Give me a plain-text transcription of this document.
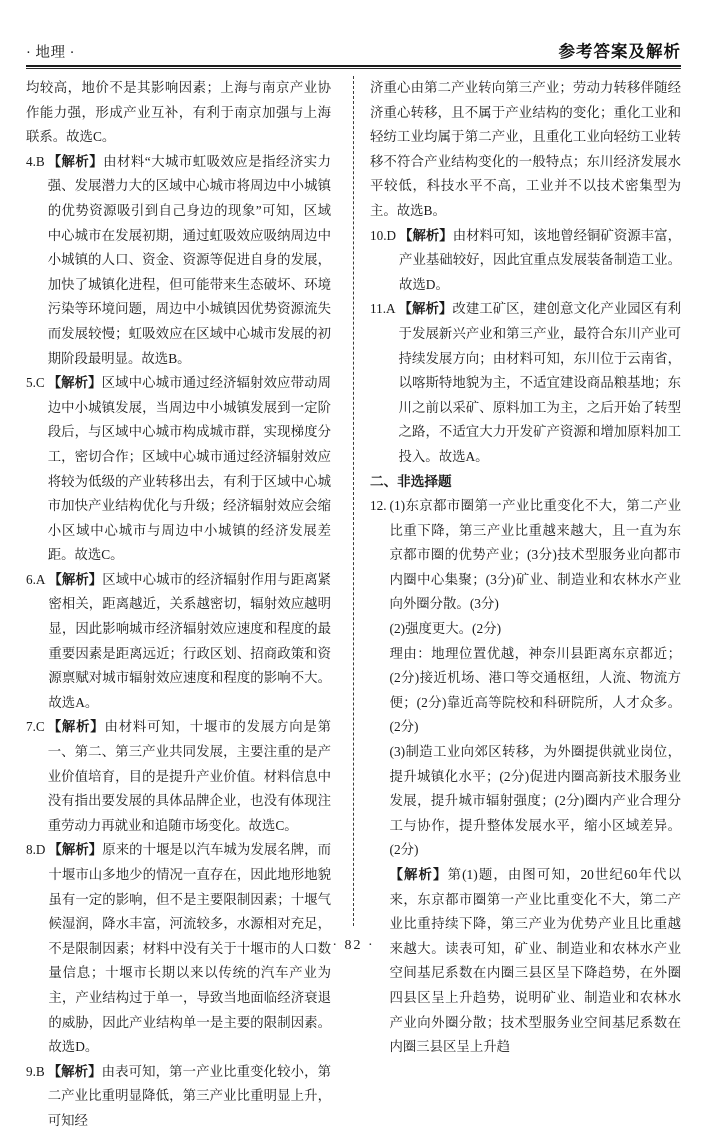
· 地理 ·	参考答案及解析

均较高，地价不是其影响因素；上海与南京产业协作能力强，形成产业互补，有利于南京加强与上海联系。故选C。

4.B 【解析】由材料“大城市虹吸效应是指经济实力强、发展潜力大的区域中心城市将周边中小城镇的优势资源吸引到自己身边的现象”可知，区域中心城市在发展初期，通过虹吸效应吸纳周边中小城镇的人口、资金、资源等促进自身的发展，加快了城镇化进程，但可能带来生态破坏、环境污染等环境问题，周边中小城镇因优势资源流失而发展较慢；虹吸效应在区域中心城市发展的初期阶段最明显。故选B。
5.C 【解析】区域中心城市通过经济辐射效应带动周边中小城镇发展，当周边中小城镇发展到一定阶段后，与区域中心城市构成城市群，实现梯度分工，密切合作；区域中心城市通过经济辐射效应将较为低级的产业转移出去，有利于区域中心城市加快产业结构优化与升级；经济辐射效应会缩小区域中心城市与周边中小城镇的经济发展差距。故选C。
6.A 【解析】区域中心城市的经济辐射作用与距离紧密相关，距离越近，关系越密切，辐射效应越明显，因此影响城市经济辐射效应速度和程度的最重要因素是距离远近；行政区划、招商政策和资源禀赋对城市辐射效应速度和程度的影响不大。故选A。
7.C 【解析】由材料可知，十堰市的发展方向是第一、第二、第三产业共同发展，主要注重的是产业价值培育，目的是提升产业价值。材料信息中没有指出要发展的具体品牌企业，也没有体现注重劳动力再就业和追随市场变化。故选C。
8.D 【解析】原来的十堰是以汽车城为发展名牌，而十堰市山多地少的情况一直存在，因此地形地貌虽有一定的影响，但不是主要限制因素；十堰气候湿润，降水丰富，河流较多，水源相对充足，不是限制因素；材料中没有关于十堰市的人口数量信息；十堰市长期以来以传统的汽车产业为主，产业结构过于单一，导致当地面临经济衰退的威胁，因此产业结构单一是主要的限制因素。故选D。
9.B 【解析】由表可知，第一产业比重变化较小，第二产业比重明显降低，第三产业比重明显上升，可知经

济重心由第二产业转向第三产业；劳动力转移伴随经济重心转移，且不属于产业结构的变化；重化工业和轻纺工业均属于第二产业，且重化工业向轻纺工业转移不符合产业结构变化的一般特点；东川经济发展水平较低，科技水平不高，工业并不以技术密集型为主。故选B。

10.D 【解析】由材料可知，该地曾经铜矿资源丰富，产业基础较好，因此宜重点发展装备制造工业。故选D。
11.A 【解析】改建工矿区，建创意文化产业园区有利于发展新兴产业和第三产业，最符合东川产业可持续发展方向；由材料可知，东川位于云南省，以喀斯特地貌为主，不适宜建设商品粮基地；东川之前以采矿、原料加工为主，之后开始了转型之路，不适宜大力开发矿产资源和增加原料加工投入。故选A。

二、非选择题

12. (1)东京都市圈第一产业比重变化不大，第二产业比重下降，第三产业比重越来越大，且一直为东京都市圈的优势产业；(3分)技术型服务业向都市内圈中心集聚；(3分)矿业、制造业和农林水产业向外圈分散。(3分)
(2)强度更大。(2分)
理由：地理位置优越，神奈川县距离东京都近；(2分)接近机场、港口等交通枢纽，人流、物流方便；(2分)靠近高等院校和科研院所，人才众多。(2分)
(3)制造工业向郊区转移，为外圈提供就业岗位，提升城镇化水平；(2分)促进内圈高新技术服务业发展，提升城市辐射强度；(2分)圈内产业合理分工与协作，提升整体发展水平，缩小区域差异。(2分)
【解析】第(1)题，由图可知，20世纪60年代以来，东京都市圈第一产业比重变化不大，第二产业比重持续下降，第三产业为优势产业且比重越来越大。读表可知，矿业、制造业和农林水产业空间基尼系数在内圈三县区呈下降趋势，在外圈四县区呈上升趋势，说明矿业、制造业和农林水产业向外圈分散；技术型服务业空间基尼系数在内圈三县区呈上升趋
· 82 ·
